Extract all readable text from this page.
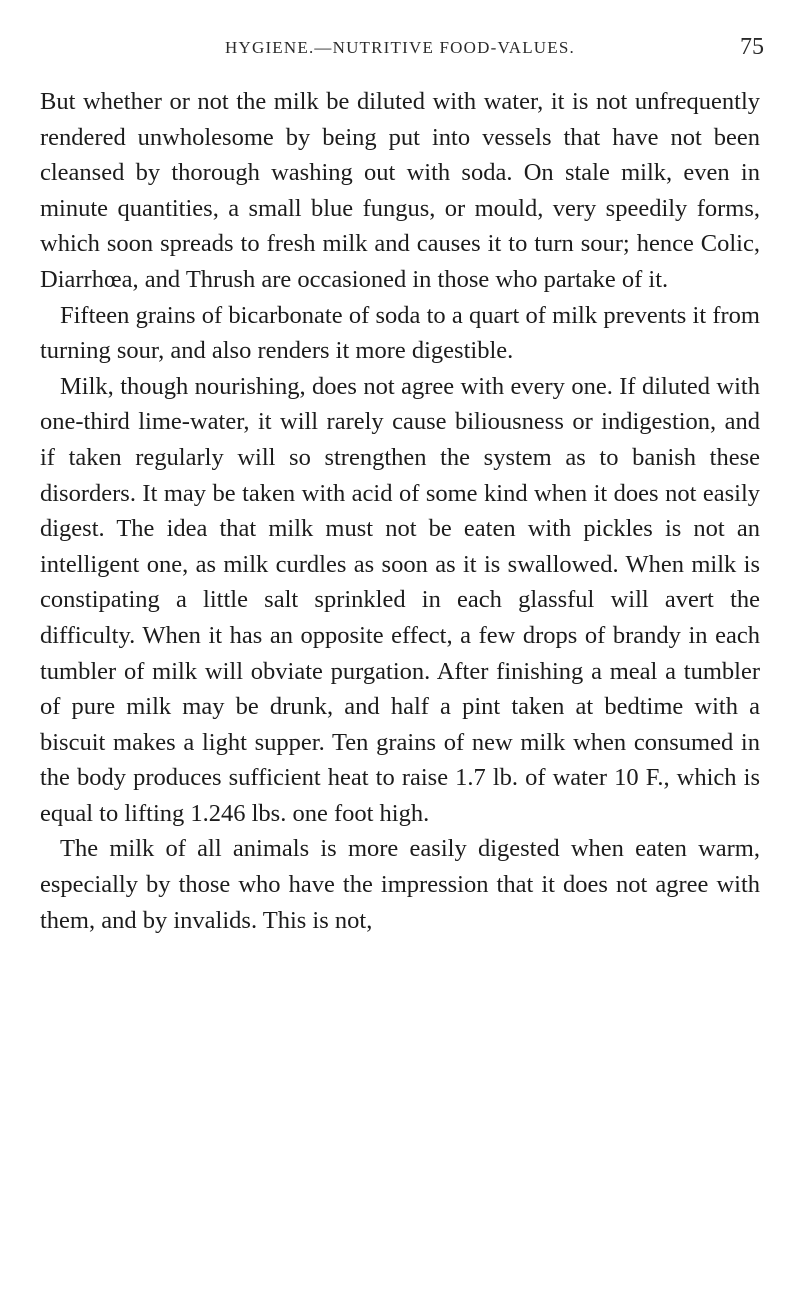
HYGIENE.—NUTRITIVE FOOD-VALUES.	75

But whether or not the milk be diluted with water, it is not unfrequently rendered unwholesome by being put into vessels that have not been cleansed by thorough washing out with soda. On stale milk, even in minute quantities, a small blue fungus, or mould, very speedily forms, which soon spreads to fresh milk and causes it to turn sour; hence Colic, Diarrhœa, and Thrush are occasioned in those who partake of it.

Fifteen grains of bicarbonate of soda to a quart of milk prevents it from turning sour, and also renders it more digestible.

Milk, though nourishing, does not agree with every one. If diluted with one-third lime-water, it will rarely cause biliousness or indigestion, and if taken regularly will so strengthen the system as to banish these disorders. It may be taken with acid of some kind when it does not easily digest. The idea that milk must not be eaten with pickles is not an intelligent one, as milk curdles as soon as it is swallowed. When milk is constipating a little salt sprinkled in each glassful will avert the difficulty. When it has an opposite effect, a few drops of brandy in each tumbler of milk will obviate purgation. After finishing a meal a tumbler of pure milk may be drunk, and half a pint taken at bedtime with a biscuit makes a light supper. Ten grains of new milk when consumed in the body produces sufficient heat to raise 1.7 lb. of water 10 F., which is equal to lifting 1.246 lbs. one foot high.

The milk of all animals is more easily digested when eaten warm, especially by those who have the impression that it does not agree with them, and by invalids. This is not,
